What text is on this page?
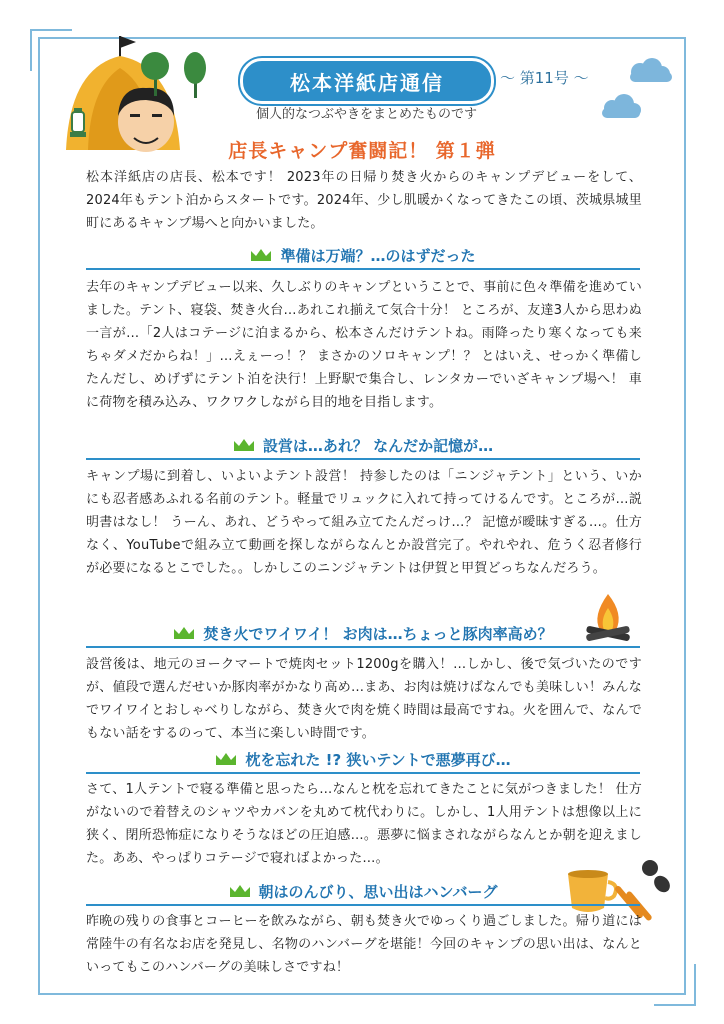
松本洋紙店通信	〜 第11号 〜
個人的なつぶやきをまとめたものです
店長キャンプ奮闘記！ 第１弾

松本洋紙店の店長、松本です！ 2023年の日帰り焚き火からのキャンプデビューをして、2024年もテント泊からスタートです。2024年、少し肌暖かくなってきたこの頃、茨城県城里町にあるキャンプ場へと向かいました。

準備は万端？…のはずだった

去年のキャンプデビュー以来、久しぶりのキャンプということで、事前に色々準備を進めていました。テント、寝袋、焚き火台…あれこれ揃えて気合十分！ ところが、友達3人から思わぬ一言が…「2人はコテージに泊まるから、松本さんだけテントね。雨降ったり寒くなっても来ちゃダメだからね！」…えぇーっ！？ まさかのソロキャンプ！？ とはいえ、せっかく準備したんだし、めげずにテント泊を決行！上野駅で集合し、レンタカーでいざキャンプ場へ！ 車に荷物を積み込み、ワクワクしながら目的地を目指します。

設営は…あれ？ なんだか記憶が…

キャンプ場に到着し、いよいよテント設営！ 持参したのは「ニンジャテント」という、いかにも忍者感あふれる名前のテント。軽量でリュックに入れて持ってけるんです。ところが…説明書はなし！ うーん、あれ、どうやって組み立てたんだっけ…？ 記憶が曖昧すぎる…。仕方なく、YouTubeで組み立て動画を探しながらなんとか設営完了。やれやれ、危うく忍者修行が必要になるとこでした。。しかしこのニンジャテントは伊賀と甲賀どっちなんだろう。

焚き火でワイワイ！ お肉は…ちょっと豚肉率高め？

設営後は、地元のヨークマートで焼肉セット1200gを購入！…しかし、後で気づいたのですが、値段で選んだせいか豚肉率がかなり高め…まあ、お肉は焼けばなんでも美味しい！みんなでワイワイとおしゃべりしながら、焚き火で肉を焼く時間は最高ですね。火を囲んで、なんでもない話をするのって、本当に楽しい時間です。

枕を忘れた !? 狭いテントで悪夢再び…

さて、1人テントで寝る準備と思ったら…なんと枕を忘れてきたことに気がつきました！ 仕方がないので着替えのシャツやカバンを丸めて枕代わりに。しかし、1人用テントは想像以上に狭く、閉所恐怖症になりそうなほどの圧迫感…。悪夢に悩まされながらなんとか朝を迎えました。ああ、やっぱりコテージで寝ればよかった…。

朝はのんびり、思い出はハンバーグ

昨晩の残りの食事とコーヒーを飲みながら、朝も焚き火でゆっくり過ごしました。帰り道には常陸牛の有名なお店を発見し、名物のハンバーグを堪能！今回のキャンプの思い出は、なんといってもこのハンバーグの美味しさですね！
